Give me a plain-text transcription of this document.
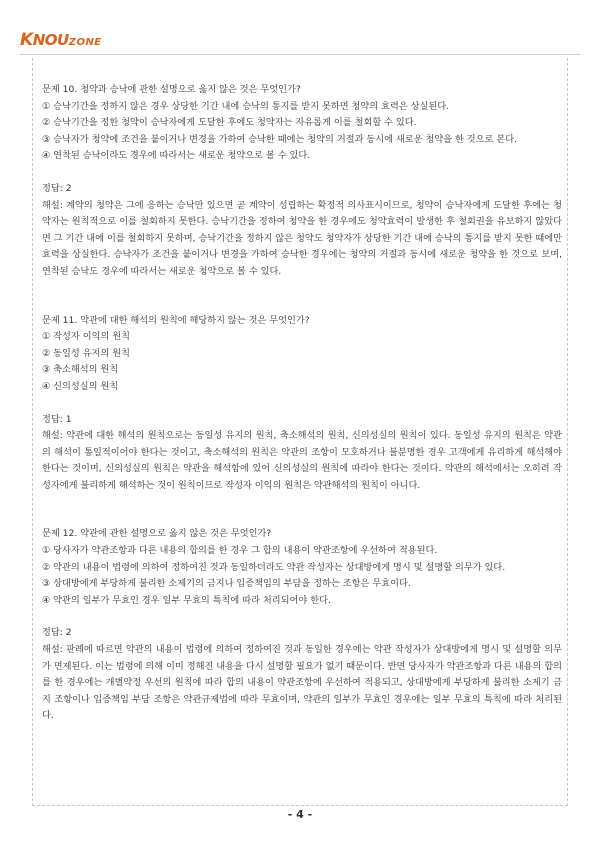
KNOUZONE

문제 10. 청약과 승낙에 관한 설명으로 옳지 않은 것은 무엇인가?

① 승낙기간을 정하지 않은 경우 상당한 기간 내에 승낙의 통지를 받지 못하면 청약의 효력은 상실된다.

② 승낙기간을 정한 청약이 승낙자에게 도달한 후에도 청약자는 자유롭게 이를 철회할 수 있다.

③ 승낙자가 청약에 조건을 붙이거나 변경을 가하여 승낙한 때에는 청약의 거절과 동시에 새로운 청약을 한 것으로 본다.

④ 연착된 승낙이라도 경우에 따라서는 새로운 청약으로 볼 수 있다.

정답: 2

해설: 계약의 청약은 그에 응하는 승낙만 있으면 곧 계약이 성립하는 확정적 의사표시이므로, 청약이 승낙자에게 도달한 후에는 청약자는 원칙적으로 이를 철회하지 못한다. 승낙기간을 정하여 청약을 한 경우에도 청약효력이 발생한 후 철회권을 유보하지 않았다면 그 기간 내에 이를 철회하지 못하며, 승낙기간을 정하지 않은 청약도 청약자가 상당한 기간 내에 승낙의 통지를 받지 못한 때에만 효력을 상실한다. 승낙자가 조건을 붙이거나 변경을 가하여 승낙한 경우에는 청약의 거절과 동시에 새로운 청약을 한 것으로 보며, 연착된 승낙도 경우에 따라서는 새로운 청약으로 볼 수 있다.

문제 11. 약관에 대한 해석의 원칙에 해당하지 않는 것은 무엇인가?

① 작성자 이익의 원칙

② 동일성 유지의 원칙

③ 축소해석의 원칙

④ 신의성실의 원칙

정답: 1

해설: 약관에 대한 해석의 원칙으로는 동일성 유지의 원칙, 축소해석의 원칙, 신의성실의 원칙이 있다. 동일성 유지의 원칙은 약관의 해석이 통일적이어야 한다는 것이고, 축소해석의 원칙은 약관의 조항이 모호하거나 불분명한 경우 고객에게 유리하게 해석해야 한다는 것이며, 신의성실의 원칙은 약관을 해석함에 있어 신의성실의 원칙에 따라야 한다는 것이다. 약관의 해석에서는 오히려 작성자에게 불리하게 해석하는 것이 원칙이므로 작성자 이익의 원칙은 약관해석의 원칙이 아니다.

문제 12. 약관에 관한 설명으로 옳지 않은 것은 무엇인가?

① 당사자가 약관조항과 다른 내용의 합의를 한 경우 그 합의 내용이 약관조항에 우선하여 적용된다.

② 약관의 내용이 법령에 의하여 정하여진 것과 동일하더라도 약관 작성자는 상대방에게 명시 및 설명할 의무가 있다.

③ 상대방에게 부당하게 불리한 소제기의 금지나 입증책임의 부담을 정하는 조항은 무효이다.

④ 약관의 일부가 무효인 경우 일부 무효의 특칙에 따라 처리되어야 한다.

정답: 2

해설: 판례에 따르면 약관의 내용이 법령에 의하여 정하여진 것과 동일한 경우에는 약관 작성자가 상대방에게 명시 및 설명할 의무가 면제된다. 이는 법령에 의해 이미 정해진 내용을 다시 설명할 필요가 없기 때문이다. 반면 당사자가 약관조항과 다른 내용의 합의를 한 경우에는 개별약정 우선의 원칙에 따라 합의 내용이 약관조항에 우선하여 적용되고, 상대방에게 부당하게 불리한 소제기 금지 조항이나 입증책임 부담 조항은 약관규제법에 따라 무효이며, 약관의 일부가 무효인 경우에는 일부 무효의 특칙에 따라 처리된다.

- 4 -
